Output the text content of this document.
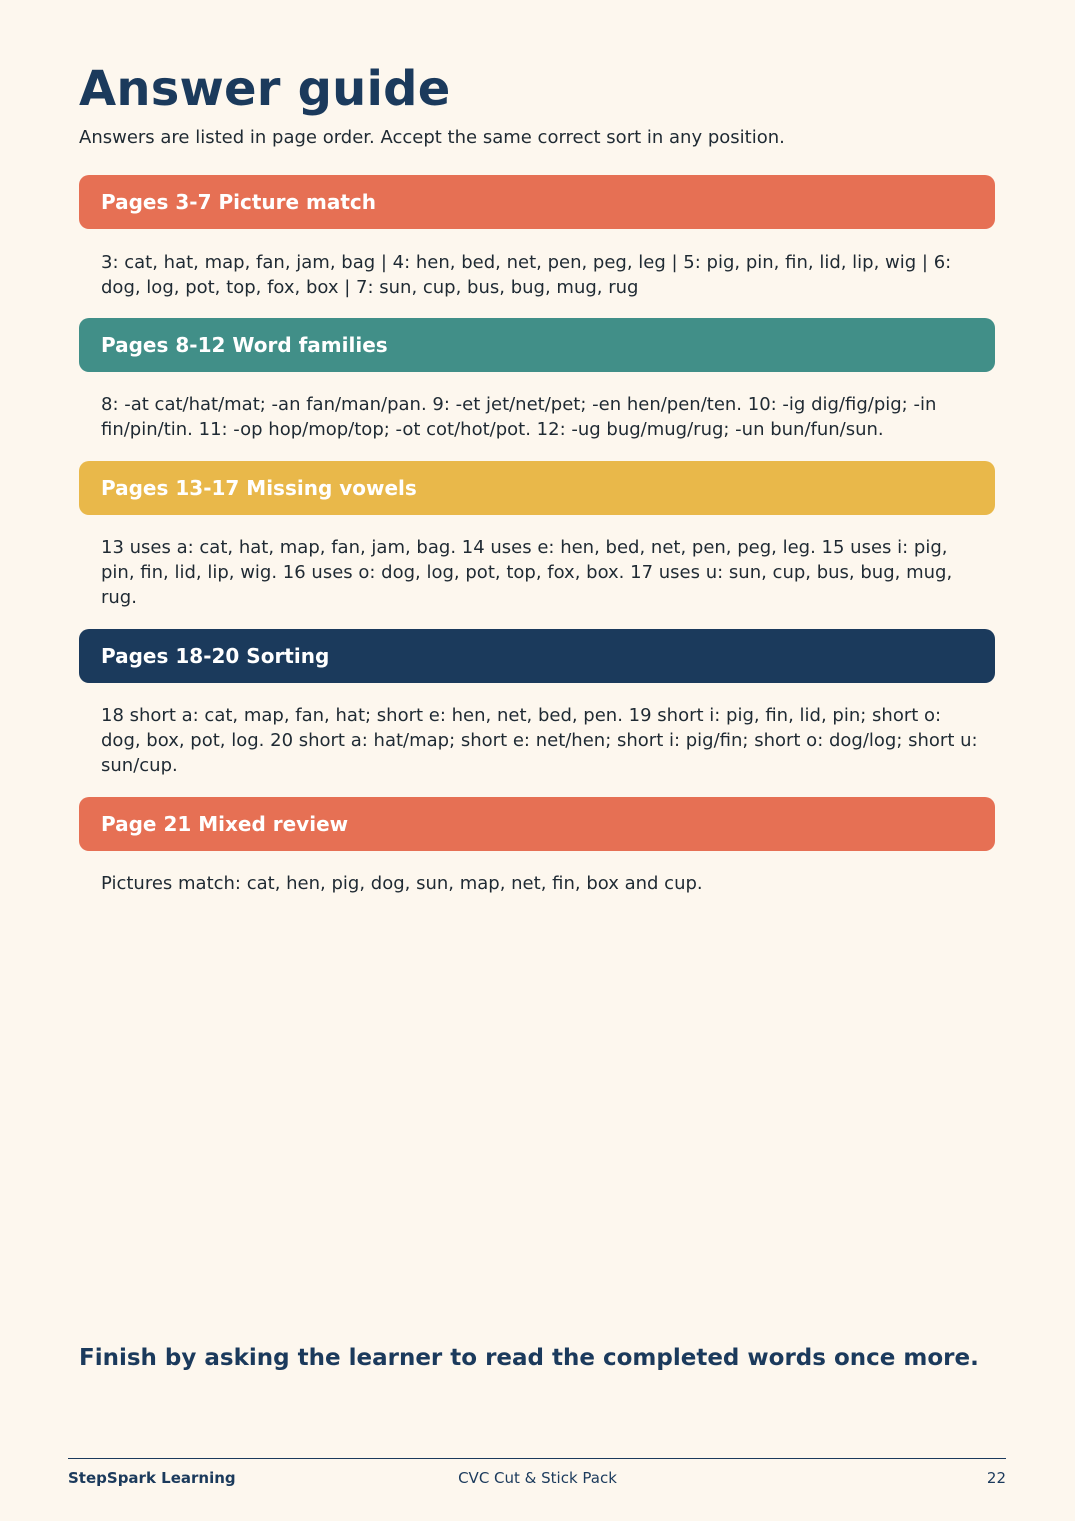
Answer guide
Answers are listed in page order. Accept the same correct sort in any position.
Pages 3-7 Picture match
3: cat, hat, map, fan, jam, bag | 4: hen, bed, net, pen, peg, leg | 5: pig, pin, fin, lid, lip, wig | 6: dog, log, pot, top, fox, box | 7: sun, cup, bus, bug, mug, rug
Pages 8-12 Word families
8: -at cat/hat/mat; -an fan/man/pan. 9: -et jet/net/pet; -en hen/pen/ten. 10: -ig dig/fig/pig; -in fin/pin/tin. 11: -op hop/mop/top; -ot cot/hot/pot. 12: -ug bug/mug/rug; -un bun/fun/sun.
Pages 13-17 Missing vowels
13 uses a: cat, hat, map, fan, jam, bag. 14 uses e: hen, bed, net, pen, peg, leg. 15 uses i: pig, pin, fin, lid, lip, wig. 16 uses o: dog, log, pot, top, fox, box. 17 uses u: sun, cup, bus, bug, mug, rug.
Pages 18-20 Sorting
18 short a: cat, map, fan, hat; short e: hen, net, bed, pen. 19 short i: pig, fin, lid, pin; short o: dog, box, pot, log. 20 short a: hat/map; short e: net/hen; short i: pig/fin; short o: dog/log; short u: sun/cup.
Page 21 Mixed review
Pictures match: cat, hen, pig, dog, sun, map, net, fin, box and cup.
Finish by asking the learner to read the completed words once more.
StepSpark Learning	CVC Cut & Stick Pack	22
